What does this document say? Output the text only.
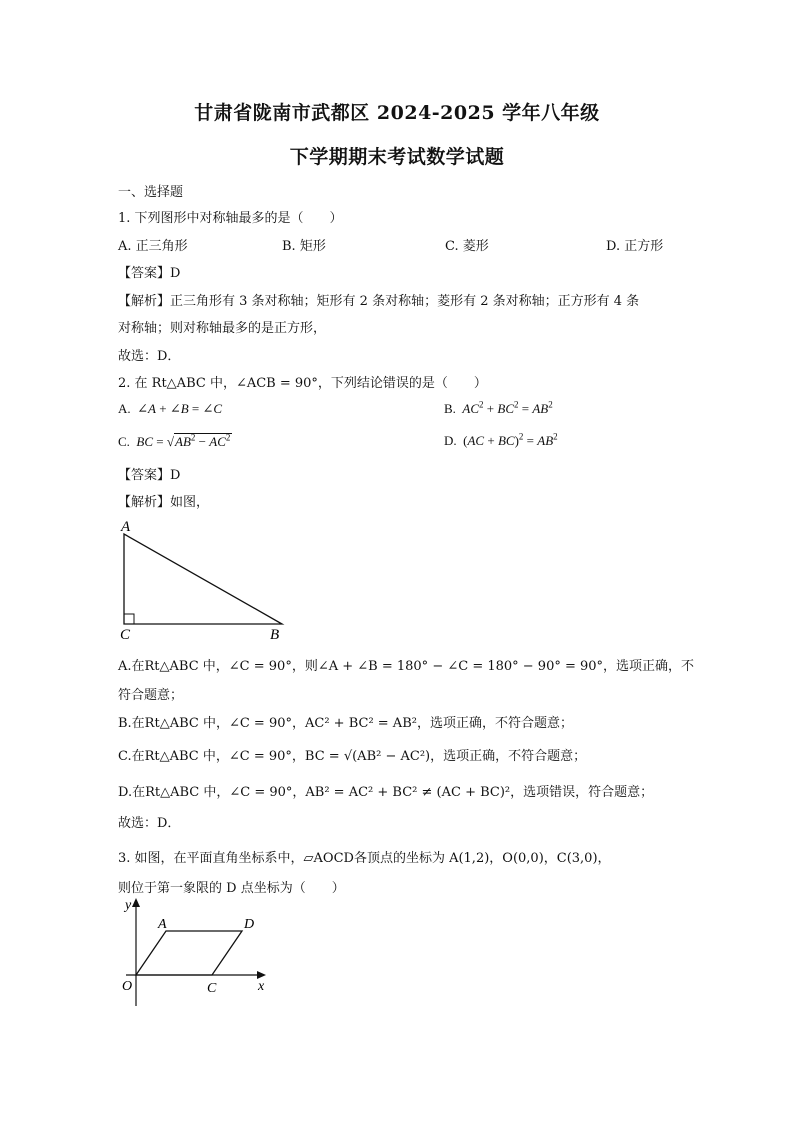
甘肃省陇南市武都区 2024-2025 学年八年级
下学期期末考试数学试题
一、选择题
1. 下列图形中对称轴最多的是（　　）
A. 正三角形	B. 矩形	C. 菱形	D. 正方形
【答案】D
【解析】正三角形有 3 条对称轴；矩形有 2 条对称轴；菱形有 2 条对称轴；正方形有 4 条
对称轴；则对称轴最多的是正方形，
故选：D．
2. 在 Rt△ABC 中，∠ACB = 90°，下列结论错误的是（　　）
A.  ∠A + ∠B = ∠C	B.  $AC^2 + BC^2 = AB^2$
C.  BC = $√AB^2 - AC^2$	D.  $(AC + BC)^2 = AB^2$
【答案】D
【解析】如图，
A
C	B
A.在Rt△ABC 中，∠C = 90°，则∠A + ∠B = 180° − ∠C = 180° − 90° = 90°，选项正确，不
符合题意；
B.在Rt△ABC 中，∠C = 90°，AC² + BC² = AB²，选项正确，不符合题意；
C.在Rt△ABC 中，∠C = 90°，BC = √(AB² − AC²)，选项正确，不符合题意；
D.在Rt△ABC 中，∠C = 90°，AB² = AC² + BC² ≠ (AC + BC)²，选项错误，符合题意；
故选：D．
3. 如图，在平面直角坐标系中，▱AOCD各顶点的坐标为 A(1,2)，O(0,0)，C(3,0)，
则位于第一象限的 D 点坐标为（　　）
y
x
O
A	D
C
